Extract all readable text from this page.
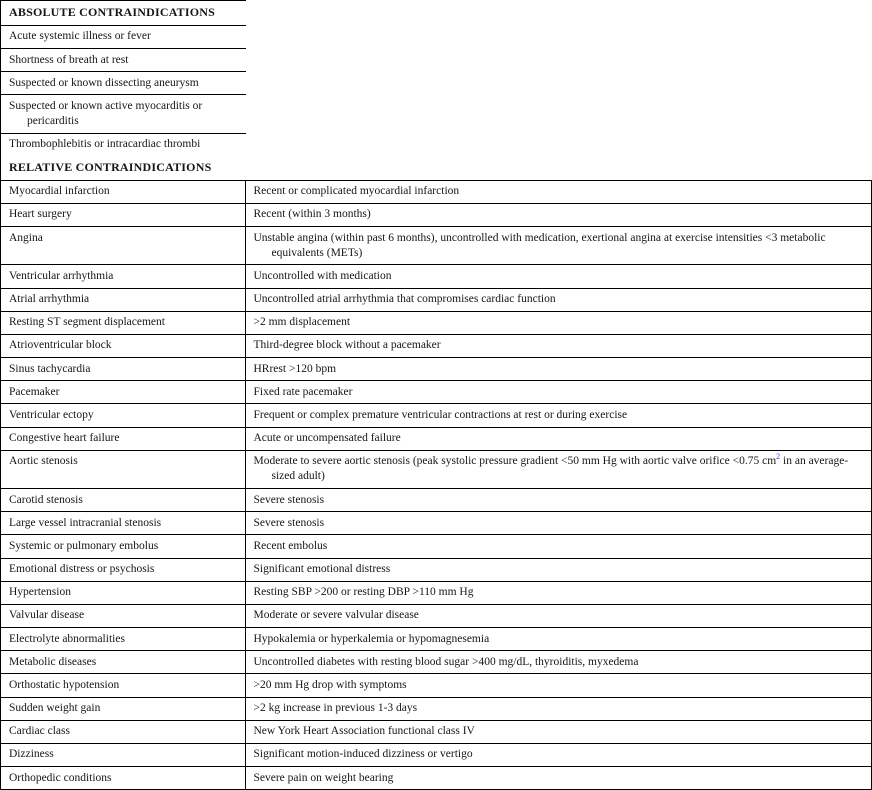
ABSOLUTE CONTRAINDICATIONS
Acute systemic illness or fever
Shortness of breath at rest
Suspected or known dissecting aneurysm
Suspected or known active myocarditis or pericarditis
Thrombophlebitis or intracardiac thrombi
RELATIVE CONTRAINDICATIONS
Myocardial infarction	Recent or complicated myocardial infarction
Heart surgery	Recent (within 3 months)
Angina	Unstable angina (within past 6 months), uncontrolled with medication, exertional angina at exercise intensities <3 metabolic equivalents (METs)
Ventricular arrhythmia	Uncontrolled with medication
Atrial arrhythmia	Uncontrolled atrial arrhythmia that compromises cardiac function
Resting ST segment displacement	>2 mm displacement
Atrioventricular block	Third-degree block without a pacemaker
Sinus tachycardia	HRrest >120 bpm
Pacemaker	Fixed rate pacemaker
Ventricular ectopy	Frequent or complex premature ventricular contractions at rest or during exercise
Congestive heart failure	Acute or uncompensated failure
Aortic stenosis	Moderate to severe aortic stenosis (peak systolic pressure gradient <50 mm Hg with aortic valve orifice <0.75 cm$^2$ in an average-sized adult)
Carotid stenosis	Severe stenosis
Large vessel intracranial stenosis	Severe stenosis
Systemic or pulmonary embolus	Recent embolus
Emotional distress or psychosis	Significant emotional distress
Hypertension	Resting SBP >200 or resting DBP >110 mm Hg
Valvular disease	Moderate or severe valvular disease
Electrolyte abnormalities	Hypokalemia or hyperkalemia or hypomagnesemia
Metabolic diseases	Uncontrolled diabetes with resting blood sugar >400 mg/dL, thyroiditis, myxedema
Orthostatic hypotension	>20 mm Hg drop with symptoms
Sudden weight gain	>2 kg increase in previous 1-3 days
Cardiac class	New York Heart Association functional class IV
Dizziness	Significant motion-induced dizziness or vertigo
Orthopedic conditions	Severe pain on weight bearing
